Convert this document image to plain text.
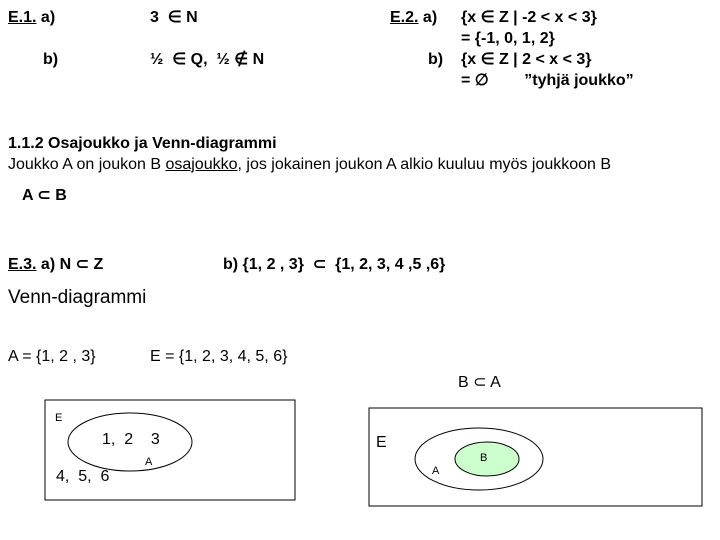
E.1. a)	3  ∈ N
b)	½  ∈ Q,  ½ ∉ N
E.2. a) {x ∈ Z | -2 < x < 3}
= {-1, 0, 1, 2}
b) {x ∈ Z | 2 < x < 3}
= ∅        ”tyhjä joukko”
1.1.2 Osajoukko ja Venn-diagrammi
Joukko A on joukon B osajoukko, jos jokainen joukon A alkio kuuluu myös joukkoon B
A ⊂ B
E.3. a) N ⊂ Z	b) {1, 2 , 3}  ⊂  {1, 2, 3, 4 ,5 ,6}
Venn-diagrammi
A = {1, 2 , 3}	E = {1, 2, 3, 4, 5, 6}
B ⊂ A
E
1,  2    3
A
4,  5,  6
E
A
B
